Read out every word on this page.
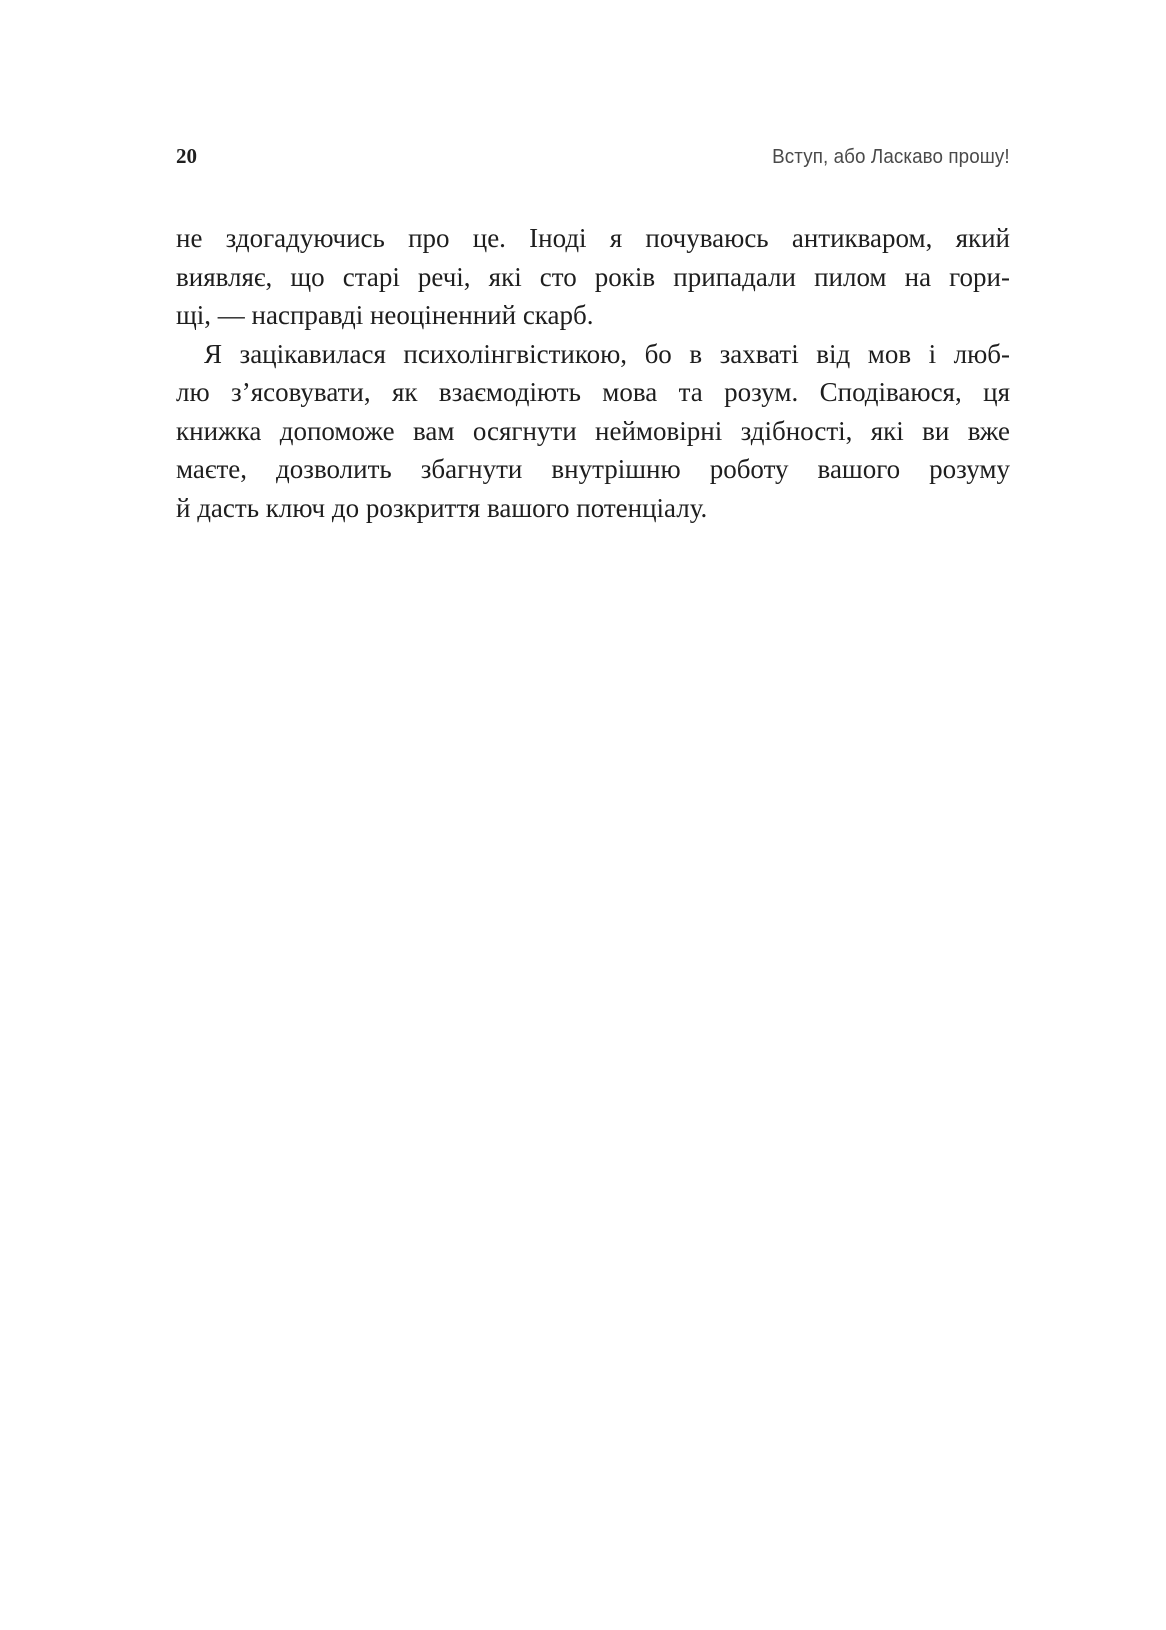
20	Вступ, або Ласкаво прошу!
не здогадуючись про це. Іноді я почуваюсь антикваром, який
виявляє, що старі речі, які сто років припадали пилом на гори-
щі, — насправді неоціненний скарб.
Я зацікавилася психолінгвістикою, бо в захваті від мов і люб-
лю з’ясовувати, як взаємодіють мова та розум. Сподіваюся, ця
книжка допоможе вам осягнути неймовірні здібності, які ви вже
маєте, дозволить збагнути внутрішню роботу вашого розуму
й дасть ключ до розкриття вашого потенціалу.
